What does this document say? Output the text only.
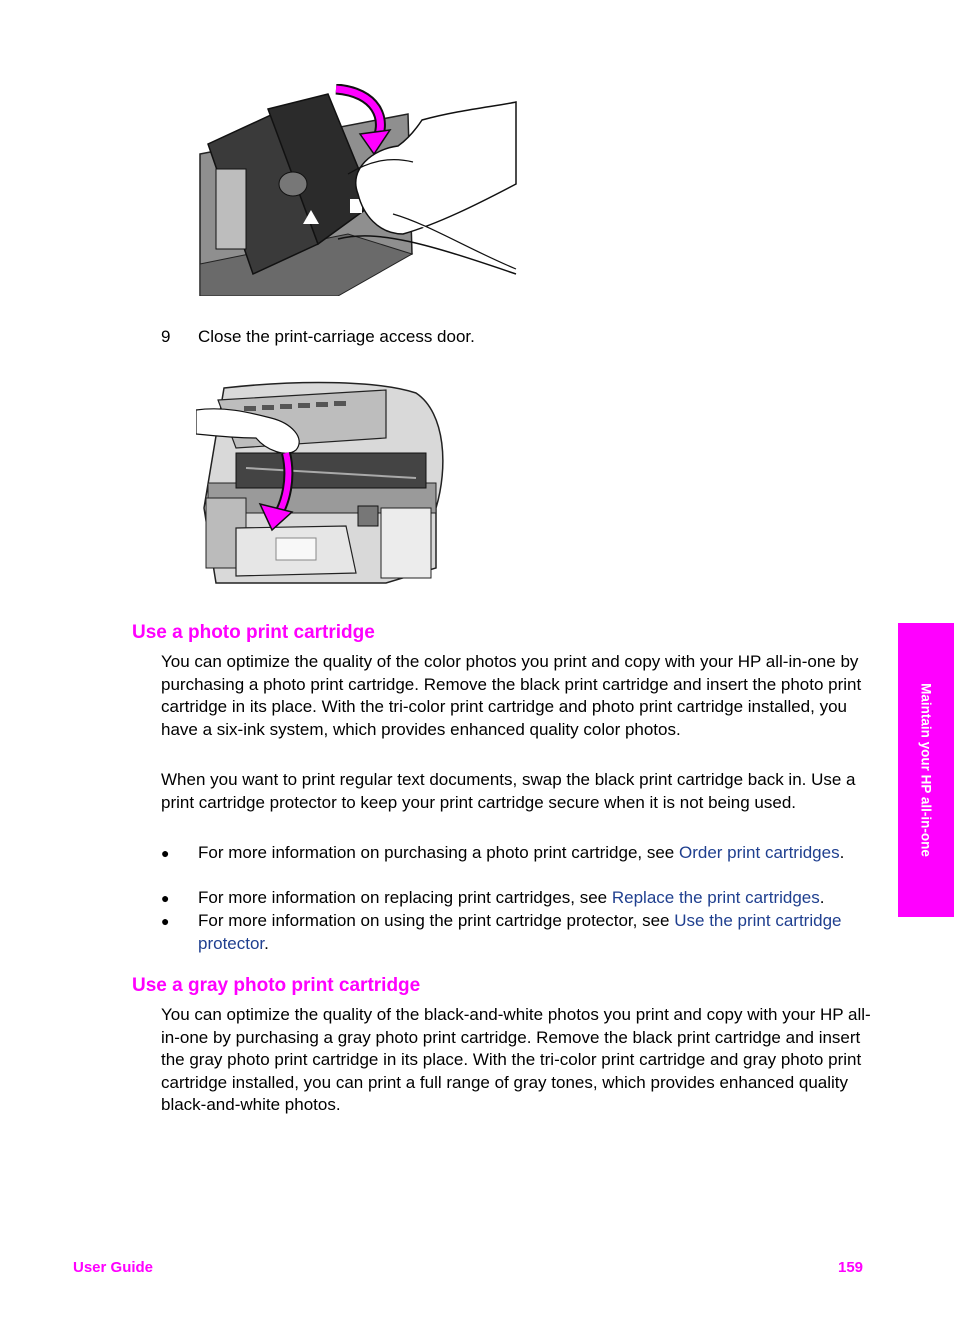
9 Close the print-carriage access door.
Use a photo print cartridge

You can optimize the quality of the color photos you print and copy with your HP all-in-one by purchasing a photo print cartridge. Remove the black print cartridge and insert the photo print cartridge in its place. With the tri-color print cartridge and photo print cartridge installed, you have a six-ink system, which provides enhanced quality color photos.

When you want to print regular text documents, swap the black print cartridge back in. Use a print cartridge protector to keep your print cartridge secure when it is not being used.

● For more information on purchasing a photo print cartridge, see Order print cartridges.
● For more information on replacing print cartridges, see Replace the print cartridges.
● For more information on using the print cartridge protector, see Use the print cartridge protector.
Use a gray photo print cartridge

You can optimize the quality of the black-and-white photos you print and copy with your HP all-in-one by purchasing a gray photo print cartridge. Remove the black print cartridge and insert the gray photo print cartridge in its place. With the tri-color print cartridge and gray photo print cartridge installed, you can print a full range of gray tones, which provides enhanced quality black-and-white photos.

Maintain your HP all-in-one
User Guide	159
